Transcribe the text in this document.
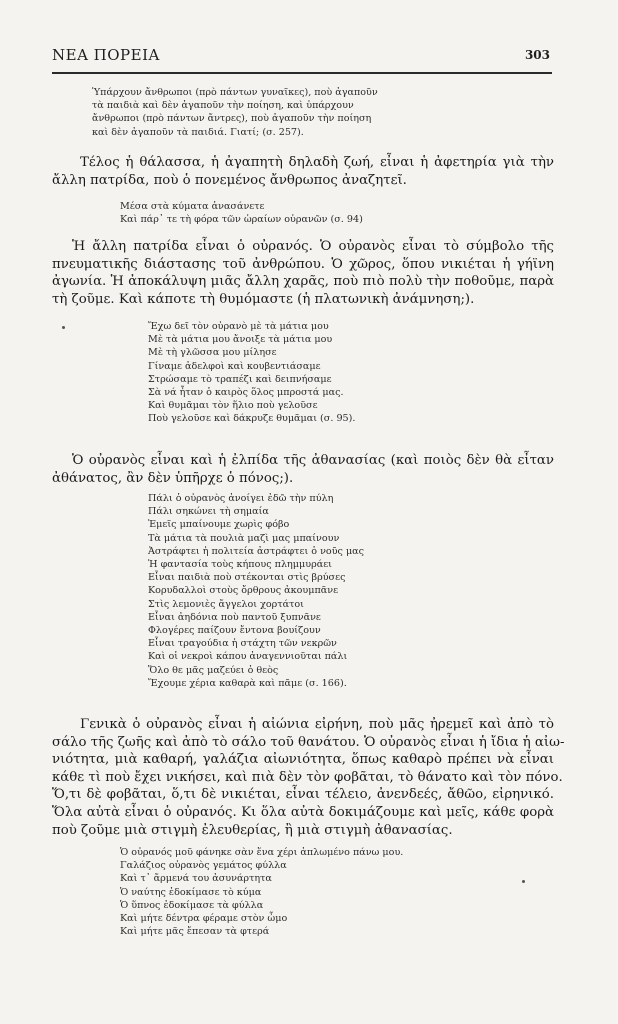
ΝΕΑ ΠΟΡΕΙΑ	303
Ὑπάρχουν ἄνθρωποι (πρὸ πάντων γυναῖκες), ποὺ ἀγαποῦν
τὰ παιδιὰ καὶ δὲν ἀγαποῦν τὴν ποίηση, καὶ ὑπάρχουν
ἄνθρωποι (πρὸ πάντων ἄντρες), ποὺ ἀγαποῦν τὴν ποίηση
καὶ δὲν ἀγαποῦν τὰ παιδιά. Γιατί; (σ. 257).
Τέλος ἡ θάλασσα, ἡ ἀγαπητὴ δηλαδὴ ζωή, εἶναι ἡ ἀφετηρία γιὰ τὴν
ἄλλη πατρίδα, ποὺ ὁ πονεμένος ἄνθρωπος ἀναζητεῖ.
Μέσα στὰ κύματα ἀνασάνετε
Καὶ πάρ᾽ τε τὴ φόρα τῶν ὡραίων οὐρανῶν (σ. 94)
Ἡ ἄλλη πατρίδα εἶναι ὁ οὐρανός. Ὁ οὐρανὸς εἶναι τὸ σύμβολο τῆς
πνευματικῆς διάστασης τοῦ ἀνθρώπου. Ὁ χῶρος, ὅπου νικιέται ἡ γήϊνη
ἀγωνία. Ἡ ἀποκάλυψη μιᾶς ἄλλη χαρᾶς, ποὺ πιὸ πολὺ τὴν ποθοῦμε, παρὰ
τὴ ζοῦμε. Καὶ κάποτε τὴ θυμόμαστε (ἡ πλατωνικὴ ἀνάμνηση;).
Ἔχω δεῖ τὸν οὐρανὸ μὲ τὰ μάτια μου
Μὲ τὰ μάτια μου ἄνοιξε τὰ μάτια μου
Μὲ τὴ γλῶσσα μου μίλησε
Γίναμε ἀδελφοὶ καὶ κουβεντιάσαμε
Στρώσαμε τὸ τραπέζι καὶ δειπνήσαμε
Σὰ νά ἦταν ὁ καιρὸς ὅλος μπροστά μας.
Καὶ θυμᾶμαι τὸν ἥλιο ποὺ γελοῦσε
Ποὺ γελοῦσε καὶ δάκρυζε θυμᾶμαι (σ. 95).
Ὁ οὐρανὸς εἶναι καὶ ἡ ἐλπίδα τῆς ἀθανασίας (καὶ ποιὸς δὲν θὰ εἶταν
ἀθάνατος, ἂν δὲν ὑπῆρχε ὁ πόνος;).
Πάλι ὁ οὐρανὸς ἀνοίγει ἐδῶ τὴν πύλη
Πάλι σηκώνει τὴ σημαία
Ἐμεῖς μπαίνουμε χωρὶς φόβο
Τὰ μάτια τὰ πουλιὰ μαζὶ μας μπαίνουν
Ἀστράφτει ἡ πολιτεία ἀστράφτει ὁ νοῦς μας
Ἡ φαντασία τοὺς κήπους πλημμυράει
Εἶναι παιδιὰ ποὺ στέκονται στὶς βρύσες
Κορυδαλλοὶ στοὺς ὄρθρους ἀκουμπᾶνε
Στὶς λεμονιὲς ἄγγελοι χορτάτοι
Εἶναι ἀηδόνια ποὺ παντοῦ ξυπνᾶνε
Φλογέρες παίζουν ἔντονα βουίζουν
Εἶναι τραγούδια ἡ στάχτη τῶν νεκρῶν
Καὶ οἱ νεκροὶ κάπου ἀναγεννιοῦται πάλι
Ὅλο θε μᾶς μαζεύει ὁ θεὸς
Ἔχουμε χέρια καθαρὰ καὶ πᾶμε (σ. 166).
Γενικὰ ὁ οὐρανὸς εἶναι ἡ αἰώνια εἰρήνη, ποὺ μᾶς ἠρεμεῖ καὶ ἀπὸ τὸ
σάλο τῆς ζωῆς καὶ ἀπὸ τὸ σάλο τοῦ θανάτου. Ὁ οὐρανὸς εἶναι ἡ ἴδια ἡ αἰω-
νιότητα, μιὰ καθαρή, γαλάζια αἰωνιότητα, ὅπως καθαρὸ πρέπει νὰ εἶναι
κάθε τὶ ποὺ ἔχει νικήσει, καὶ πιὰ δὲν τὸν φοβᾶται, τὸ θάνατο καὶ τὸν πόνο.
Ὅ,τι δὲ φοβᾶται, ὅ,τι δὲ νικιέται, εἶναι τέλειο, ἀνενδεές, ἄθῶο, εἰρηνικό.
Ὅλα αὐτὰ εἶναι ὁ οὐρανός. Κι ὅλα αὐτὰ δοκιμάζουμε καὶ μεῖς, κάθε φορὰ
ποὺ ζοῦμε μιὰ στιγμὴ ἐλευθερίας, ἢ μιὰ στιγμὴ ἀθανασίας.
Ὁ οὐρανός μοῦ φάνηκε σὰν ἕνα χέρι ἁπλωμένο πάνω μου.
Γαλάζιος οὐρανὸς γεμάτος φύλλα
Καὶ τ᾽ ἄρμενά του ἀσυνάρτητα
Ὁ ναύτης ἐδοκίμασε τὸ κύμα
Ὁ ὕπνος ἐδοκίμασε τὰ φύλλα
Καὶ μήτε δέντρα φέραμε στὸν ὦμο
Καὶ μήτε μᾶς ἔπεσαν τὰ φτερά
